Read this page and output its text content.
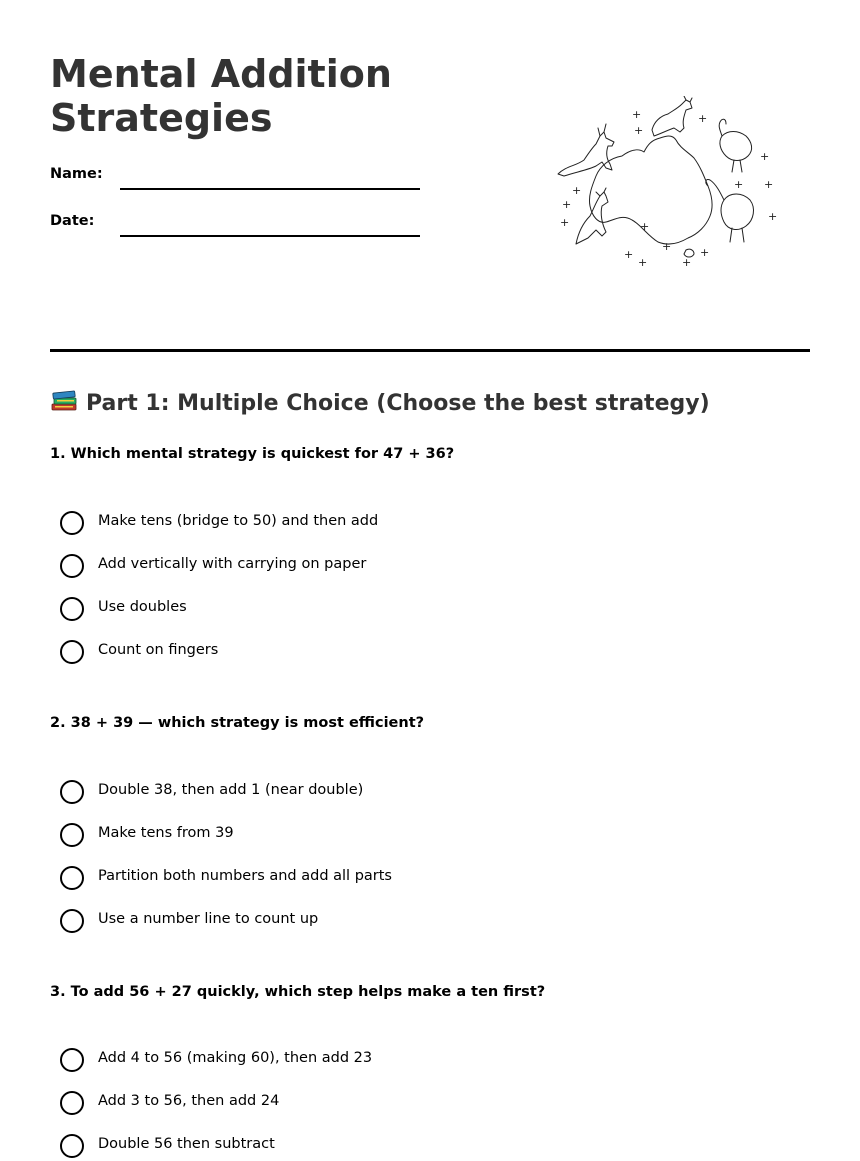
Mental Addition Strategies
Name:
Date:
+
+
+
+
+
+
+
+
+
+	+
+
+
+	+
+
Part 1: Multiple Choice (Choose the best strategy)
1. Which mental strategy is quickest for 47 + 36?
Make tens (bridge to 50) and then add
Add vertically with carrying on paper
Use doubles
Count on fingers
2. 38 + 39 — which strategy is most efficient?
Double 38, then add 1 (near double)
Make tens from 39
Partition both numbers and add all parts
Use a number line to count up
3. To add 56 + 27 quickly, which step helps make a ten first?
Add 4 to 56 (making 60), then add 23
Add 3 to 56, then add 24
Double 56 then subtract
